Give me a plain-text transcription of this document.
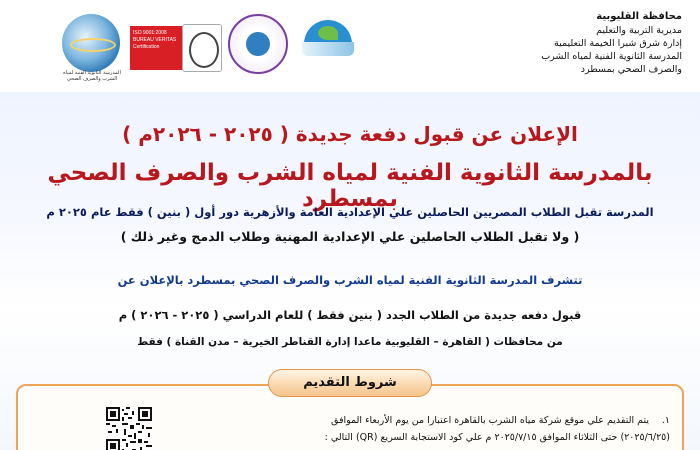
محافظة القليوبية
مديرية التربية والتعليم
إدارة شرق شبرا الخيمة التعليمية
المدرسة الثانوية الفنية لمياه الشرب
والصرف الصحي بمسطرد
المدرسة الثانوية الفنية لمياه الشرب والصرف الصحي
ISO 9001:2008 BUREAU VERITAS Certification
الإعلان عن قبول دفعة جديدة ( ٢٠٢٥ - ٢٠٢٦م )
بالمدرسة الثانوية الفنية لمياه الشرب والصرف الصحي بمسطرد
المدرسة تقبل الطلاب المصريين الحاصلين علي الإعدادية العامة والأزهرية دور أول ( بنين ) فقط عام ٢٠٢٥ م
( ولا تقبل الطلاب الحاصلين علي الإعدادية المهنية وطلاب الدمج وغير ذلك )
تتشرف المدرسة الثانوية الفنية لمياه الشرب والصرف الصحي بمسطرد بالإعلان عن
قبول دفعه جديدة من الطلاب الجدد ( بنين فقط ) للعام الدراسي ( ٢٠٢٥ - ٢٠٢٦ ) م
من محافظات ( القاهرة – القليوبية ماعدا إدارة القناطر الخيرية – مدن القناة ) فقط
شروط التقديم
١. يتم التقديم علي موقع شركة مياه الشرب بالقاهرة اعتبارا من يوم الأربعاء الموافق
(٢٠٢٥/٦/٢٥) حتى الثلاثاء الموافق ٢٠٢٥/٧/١٥ م علي كود الاستجابة السريع (QR) التالي :
